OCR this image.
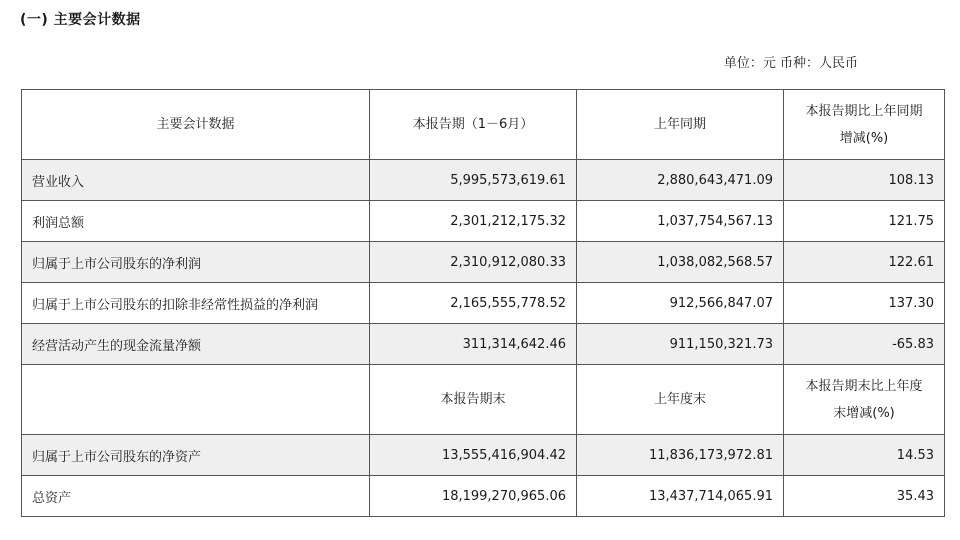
(一) 主要会计数据
单位：元 币种：人民币
主要会计数据	本报告期（1－6月）	上年同期	本报告期比上年同期
增减(%)

营业收入	5,995,573,619.61	2,880,643,471.09	108.13
利润总额	2,301,212,175.32	1,037,754,567.13	121.75
归属于上市公司股东的净利润	2,310,912,080.33	1,038,082,568.57	122.61
归属于上市公司股东的扣除非经常性损益的净利润	2,165,555,778.52	912,566,847.07	137.30
经营活动产生的现金流量净额	311,314,642.46	911,150,321.73	-65.83
	本报告期末	上年度末	本报告期末比上年度
末增减(%)

归属于上市公司股东的净资产	13,555,416,904.42	11,836,173,972.81	14.53
总资产	18,199,270,965.06	13,437,714,065.91	35.43
